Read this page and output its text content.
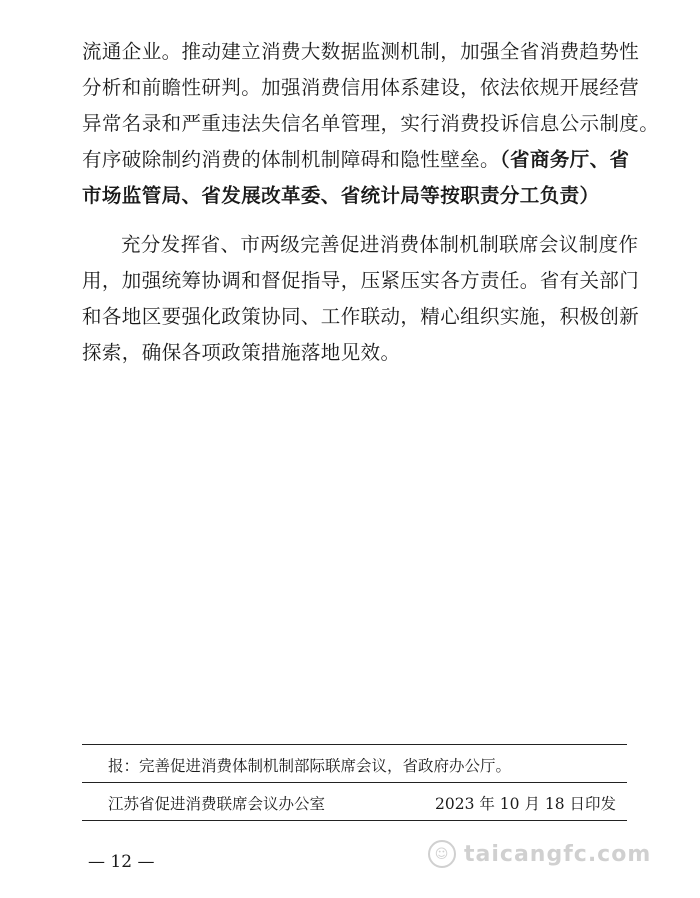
流通企业。推动建立消费大数据监测机制，加强全省消费趋势性
分析和前瞻性研判。加强消费信用体系建设，依法依规开展经营
异常名录和严重违法失信名单管理，实行消费投诉信息公示制度。
有序破除制约消费的体制机制障碍和隐性壁垒。（省商务厅、省
市场监管局、省发展改革委、省统计局等按职责分工负责）
充分发挥省、市两级完善促进消费体制机制联席会议制度作
用，加强统筹协调和督促指导，压紧压实各方责任。省有关部门
和各地区要强化政策协同、工作联动，精心组织实施，积极创新
探索，确保各项政策措施落地见效。
报：完善促进消费体制机制部际联席会议，省政府办公厅。
江苏省促进消费联席会议办公室	2023 年 10 月 18 日印发
— 12 —	☺ taicangfc.com
